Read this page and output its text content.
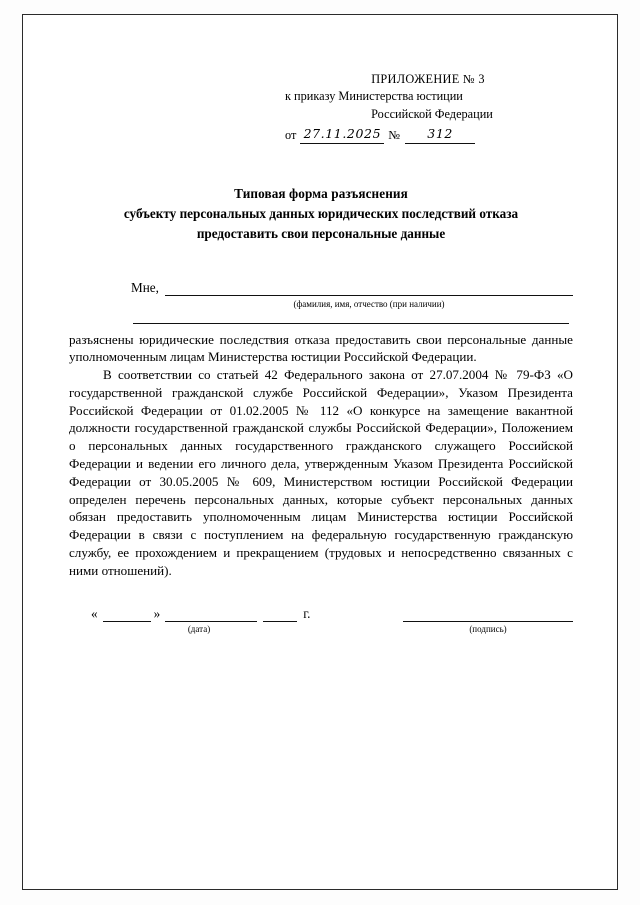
ПРИЛОЖЕНИЕ № 3
к приказу Министерства юстиции
Российской Федерации
от 27.11.2025 №	312
Типовая форма разъяснения
субъекту персональных данных юридических последствий отказа
предоставить свои персональные данные
Мне,
(фамилия, имя, отчество (при наличии)

разъяснены юридические последствия отказа предоставить свои персональные данные уполномоченным лицам Министерства юстиции Российской Федерации.

В соответствии со статьей 42 Федерального закона от 27.07.2004 № 79-ФЗ «О государственной гражданской службе Российской Федерации», Указом Президента Российской Федерации от 01.02.2005 № 112 «О конкурсе на замещение вакантной должности государственной гражданской службы Российской Федерации», Положением о персональных данных государственного гражданского служащего Российской Федерации и ведении его личного дела, утвержденным Указом Президента Российской Федерации от 30.05.2005 № 609, Министерством юстиции Российской Федерации определен перечень персональных данных, которые субъект персональных данных обязан предоставить уполномоченным лицам Министерства юстиции Российской Федерации в связи с поступлением на федеральную государственную гражданскую службу, ее прохождением и прекращением (трудовых и непосредственно связанных с ними отношений).

«	»	г.
(дата)	(подпись)
